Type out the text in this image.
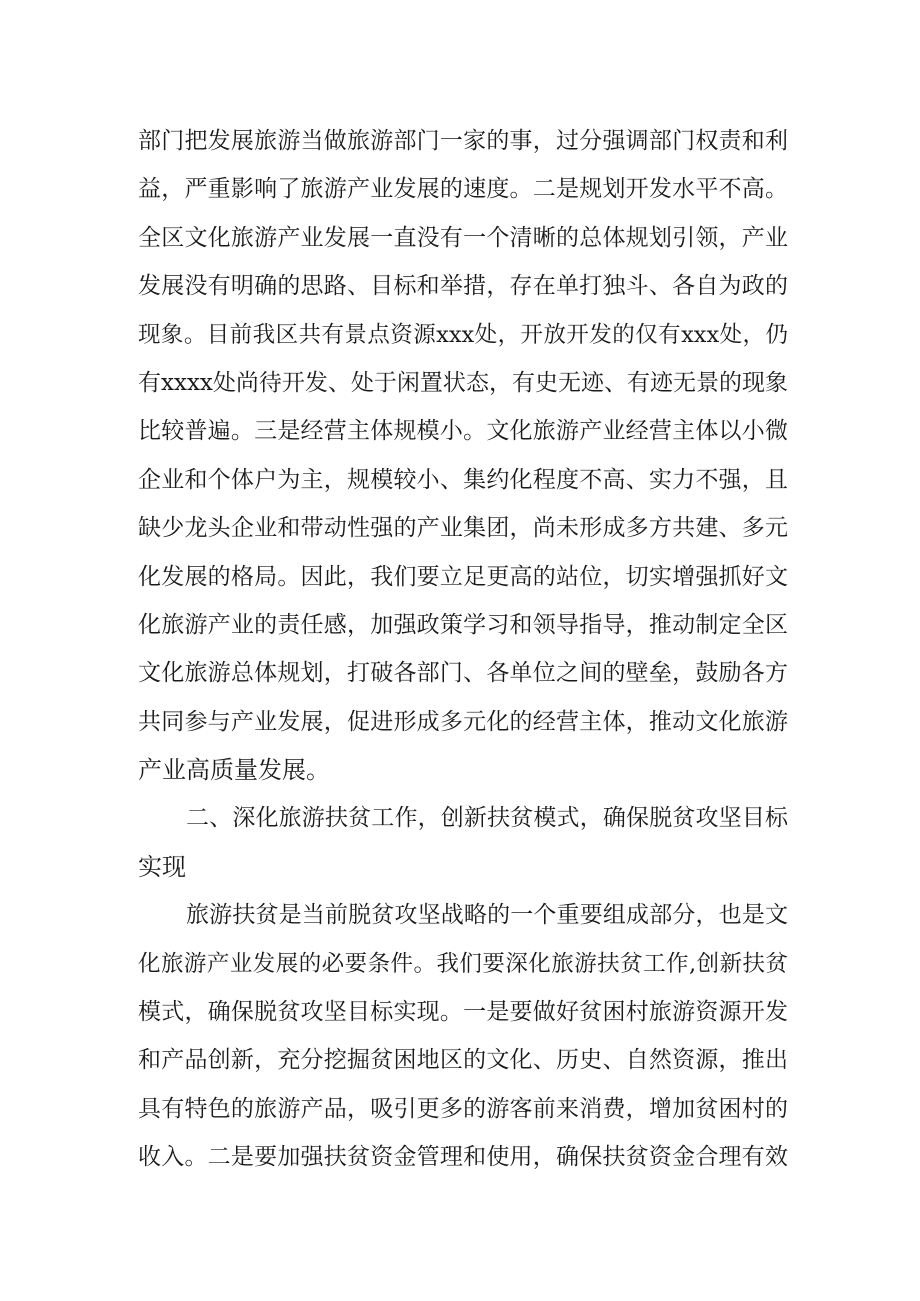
部门把发展旅游当做旅游部门一家的事，过分强调部门权责和利
益，严重影响了旅游产业发展的速度。二是规划开发水平不高。
全区文化旅游产业发展一直没有一个清晰的总体规划引领，产业
发展没有明确的思路、目标和举措，存在单打独斗、各自为政的
现象。目前我区共有景点资源xxx处，开放开发的仅有xxx处，仍
有xxxx处尚待开发、处于闲置状态，有史无迹、有迹无景的现象
比较普遍。三是经营主体规模小。文化旅游产业经营主体以小微
企业和个体户为主，规模较小、集约化程度不高、实力不强，且
缺少龙头企业和带动性强的产业集团，尚未形成多方共建、多元
化发展的格局。因此，我们要立足更高的站位，切实增强抓好文
化旅游产业的责任感，加强政策学习和领导指导，推动制定全区
文化旅游总体规划，打破各部门、各单位之间的壁垒，鼓励各方
共同参与产业发展，促进形成多元化的经营主体，推动文化旅游
产业高质量发展。
二、深化旅游扶贫工作，创新扶贫模式，确保脱贫攻坚目标
实现
旅游扶贫是当前脱贫攻坚战略的一个重要组成部分，也是文
化旅游产业发展的必要条件。我们要深化旅游扶贫工作,创新扶贫
模式，确保脱贫攻坚目标实现。一是要做好贫困村旅游资源开发
和产品创新，充分挖掘贫困地区的文化、历史、自然资源，推出
具有特色的旅游产品，吸引更多的游客前来消费，增加贫困村的
收入。二是要加强扶贫资金管理和使用，确保扶贫资金合理有效
